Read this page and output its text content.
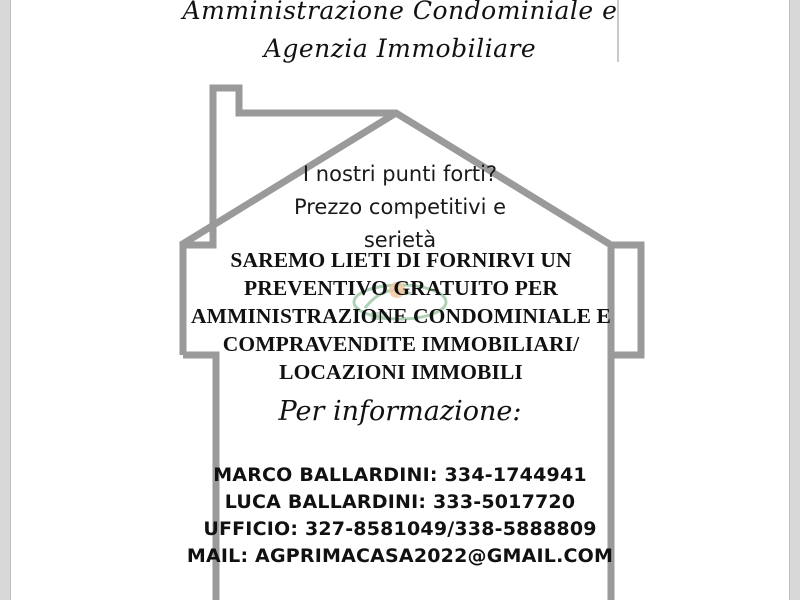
Amministrazione Condominiale e
Agenzia Immobiliare
I nostri punti forti?
Prezzo competitivi e
serietà
SAREMO LIETI DI FORNIRVI UN
PREVENTIVO GRATUITO PER
AMMINISTRAZIONE CONDOMINIALE E
COMPRAVENDITE IMMOBILIARI/
LOCAZIONI IMMOBILI
Per informazione:
MARCO BALLARDINI: 334-1744941
LUCA BALLARDINI: 333-5017720
UFFICIO: 327-8581049/338-5888809
MAIL: AGPRIMACASA2022@GMAIL.COM
